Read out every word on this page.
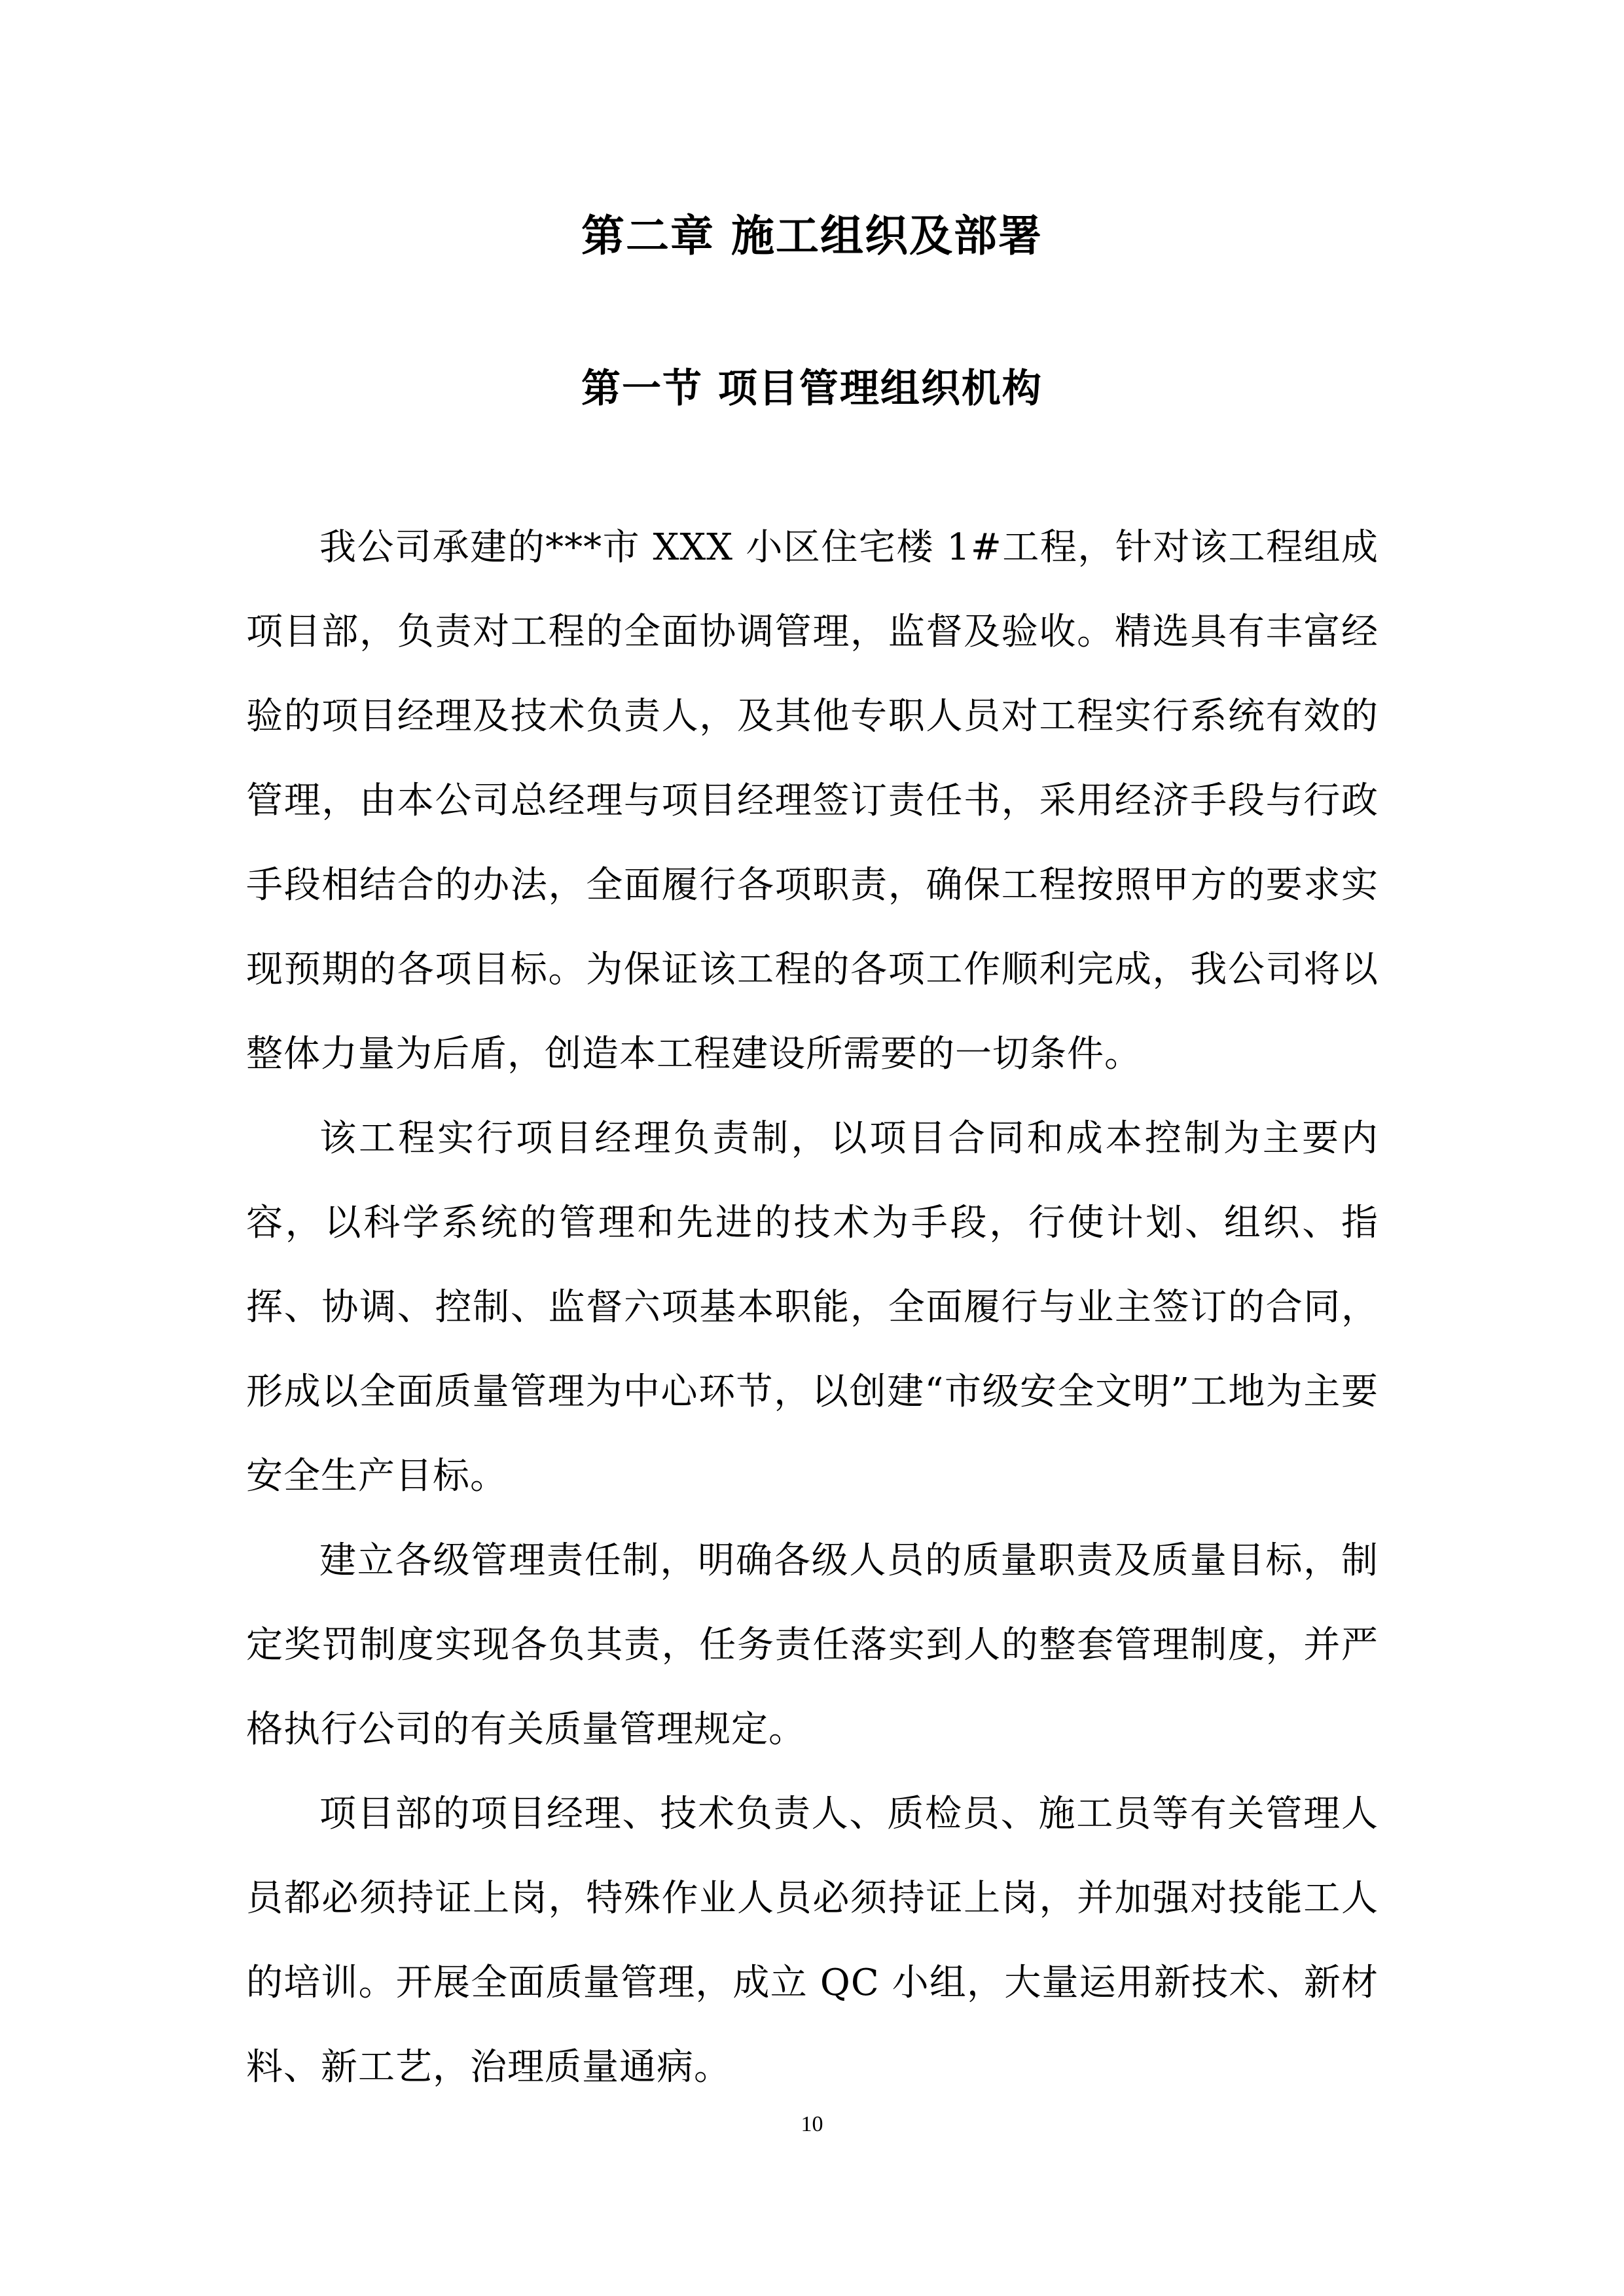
第二章 施工组织及部署
第一节 项目管理组织机构

我公司承建的***市 XXX 小区住宅楼 1#工程，针对该工程组成项目部，负责对工程的全面协调管理，监督及验收。精选具有丰富经验的项目经理及技术负责人，及其他专职人员对工程实行系统有效的管理，由本公司总经理与项目经理签订责任书，采用经济手段与行政手段相结合的办法，全面履行各项职责，确保工程按照甲方的要求实现预期的各项目标。为保证该工程的各项工作顺利完成，我公司将以整体力量为后盾，创造本工程建设所需要的一切条件。

该工程实行项目经理负责制，以项目合同和成本控制为主要内容，以科学系统的管理和先进的技术为手段，行使计划、组织、指挥、协调、控制、监督六项基本职能，全面履行与业主签订的合同，形成以全面质量管理为中心环节，以创建“市级安全文明”工地为主要安全生产目标。

建立各级管理责任制，明确各级人员的质量职责及质量目标，制定奖罚制度实现各负其责，任务责任落实到人的整套管理制度，并严格执行公司的有关质量管理规定。

项目部的项目经理、技术负责人、质检员、施工员等有关管理人员都必须持证上岗，特殊作业人员必须持证上岗，并加强对技能工人的培训。开展全面质量管理，成立 QC 小组，大量运用新技术、新材料、新工艺，治理质量通病。

10
